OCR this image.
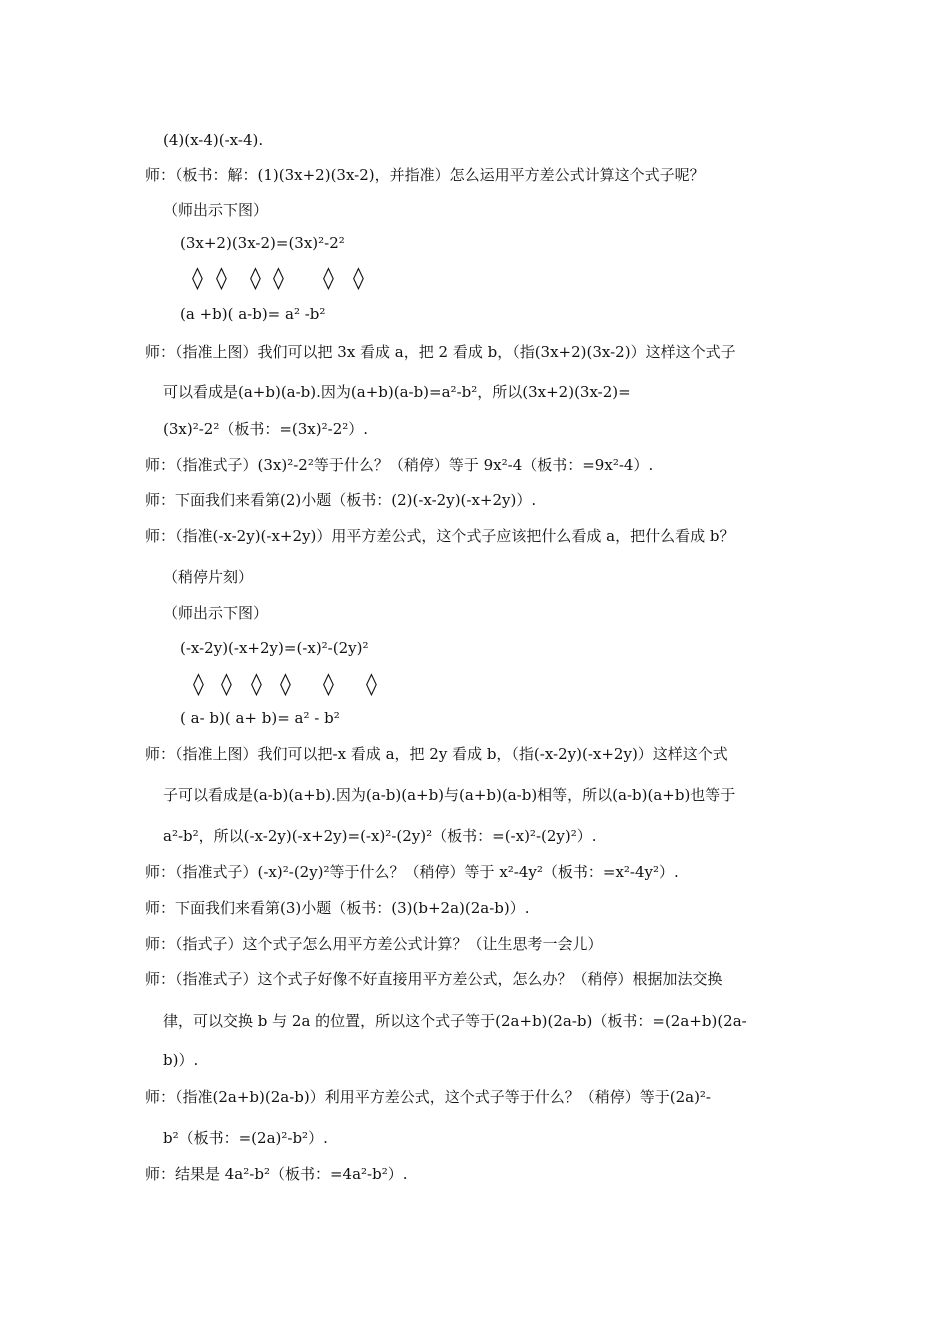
(4)(x-4)(-x-4).
师：（板书：解：(1)(3x+2)(3x-2)，并指准）怎么运用平方差公式计算这个式子呢？
（师出示下图）
(3x+2)(3x-2)=(3x)²-2²
◊ ◊ ◊ ◊ ◊ ◊
(a +b)( a-b)= a² -b²
师：（指准上图）我们可以把 3x 看成 a，把 2 看成 b，（指(3x+2)(3x-2)）这样这个式子
可以看成是(a+b)(a-b).因为(a+b)(a-b)=a²-b²，所以(3x+2)(3x-2)=
(3x)²-2²（板书：=(3x)²-2²）.
师：（指准式子）(3x)²-2²等于什么？（稍停）等于 9x²-4（板书：=9x²-4）.
师：下面我们来看第(2)小题（板书：(2)(-x-2y)(-x+2y)）.
师：（指准(-x-2y)(-x+2y)）用平方差公式，这个式子应该把什么看成 a，把什么看成 b？
（稍停片刻）
（师出示下图）
(-x-2y)(-x+2y)=(-x)²-(2y)²
◊ ◊ ◊ ◊ ◊ ◊
( a- b)( a+ b)= a² - b²
师：（指准上图）我们可以把-x 看成 a，把 2y 看成 b，（指(-x-2y)(-x+2y)）这样这个式
子可以看成是(a-b)(a+b).因为(a-b)(a+b)与(a+b)(a-b)相等，所以(a-b)(a+b)也等于
a²-b²，所以(-x-2y)(-x+2y)=(-x)²-(2y)²（板书：=(-x)²-(2y)²）.
师：（指准式子）(-x)²-(2y)²等于什么？（稍停）等于 x²-4y²（板书：=x²-4y²）.
师：下面我们来看第(3)小题（板书：(3)(b+2a)(2a-b)）.
师：（指式子）这个式子怎么用平方差公式计算？（让生思考一会儿）
师：（指准式子）这个式子好像不好直接用平方差公式，怎么办？（稍停）根据加法交换
律，可以交换 b 与 2a 的位置，所以这个式子等于(2a+b)(2a-b)（板书：=(2a+b)(2a-
b)）.
师：（指准(2a+b)(2a-b)）利用平方差公式，这个式子等于什么？（稍停）等于(2a)²-
b²（板书：=(2a)²-b²）.
师：结果是 4a²-b²（板书：=4a²-b²）.
